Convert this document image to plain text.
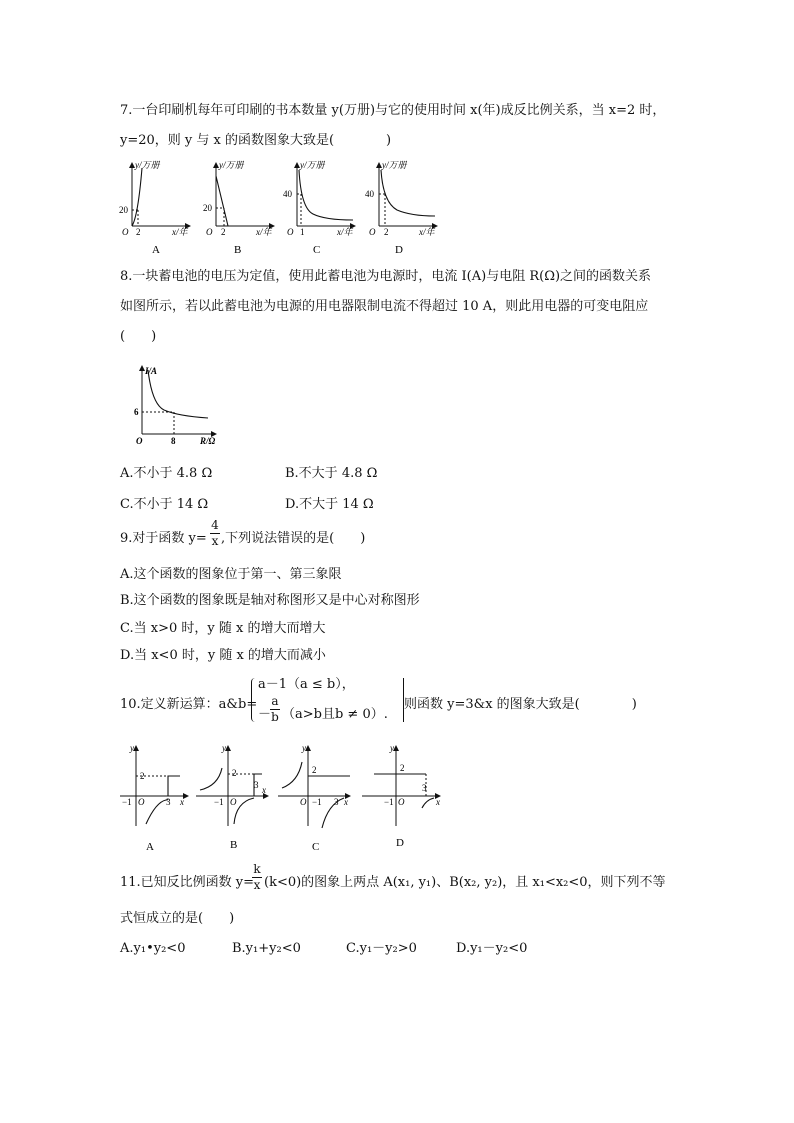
7.一台印刷机每年可印刷的书本数量 y(万册)与它的使用时间 x(年)成反比例关系，当 x=2 时，
y=20，则 y 与 x 的函数图象大致是(　　　　)
y/万册
20
O 2	x/年
A
y/万册
20
O 2	x/年
B
y/万册
40
O 1	x/年
C
y/万册
40
O 2	x/年
D
8.一块蓄电池的电压为定值，使用此蓄电池为电源时，电流 I(A)与电阻 R(Ω)之间的函数关系
如图所示，若以此蓄电池为电源的用电器限制电流不得超过 10 A，则此用电器的可变电阻应
(　　)
I/A
6
O	8	R/Ω
A.不小于 4.8 Ω	B.不大于 4.8 Ω
C.不小于 14 Ω	D.不大于 14 Ω
9.对于函数 $y= \frac{4}{x}$ ,下列说法错误的是(　　)
A.这个函数的图象位于第一、第三象限
B.这个函数的图象既是轴对称图形又是中心对称图形
C.当 x>0 时，y 随 x 的增大而增大
D.当 x<0 时，y 随 x 的增大而减小
10.定义新运算：a&b=
a－1（a ≤ b），
－
$\frac{a}{b} (a>b$且b ≠ 0）.
则函数 y=3&x 的图象大致是(　　　　)
y
2
−1 O 3 x
A
y
2
−1 O
3 x
B
y
2
−1
O	3 x
C
y
2
−1 O
3
x
D
11.已知反比例函数 y=
$\frac{k}{x} (k<0)$的图象上两点 A(x₁, y₁)、B(x₂, y₂)，且 x₁<x₂<0，则下列不等
式恒成立的是(　　)
A.y₁•y₂<0	B.y₁+y₂<0	C.y₁－y₂>0	D.y₁－y₂<0
